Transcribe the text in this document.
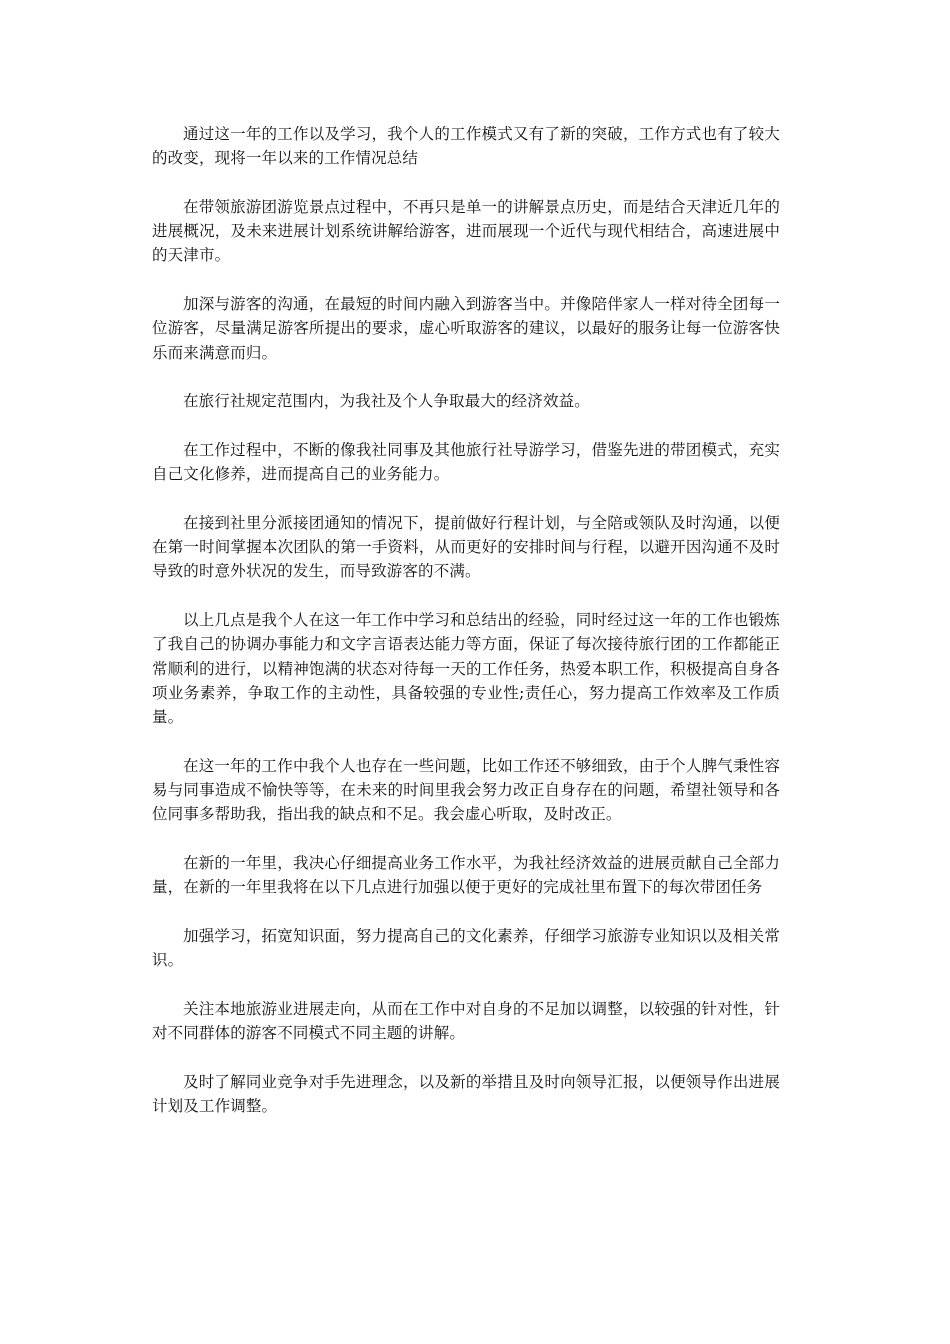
通过这一年的工作以及学习，我个人的工作模式又有了新的突破，工作方式也有了较大的改变，现将一年以来的工作情况总结

在带领旅游团游览景点过程中，不再只是单一的讲解景点历史，而是结合天津近几年的进展概况，及未来进展计划系统讲解给游客，进而展现一个近代与现代相结合，高速进展中的天津市。

加深与游客的沟通，在最短的时间内融入到游客当中。并像陪伴家人一样对待全团每一位游客，尽量满足游客所提出的要求，虚心听取游客的建议，以最好的服务让每一位游客快乐而来满意而归。

在旅行社规定范围内，为我社及个人争取最大的经济效益。

在工作过程中，不断的像我社同事及其他旅行社导游学习，借鉴先进的带团模式，充实自己文化修养，进而提高自己的业务能力。

在接到社里分派接团通知的情况下，提前做好行程计划，与全陪或领队及时沟通，以便在第一时间掌握本次团队的第一手资料，从而更好的安排时间与行程，以避开因沟通不及时导致的时意外状况的发生，而导致游客的不满。

以上几点是我个人在这一年工作中学习和总结出的经验，同时经过这一年的工作也锻炼了我自己的协调办事能力和文字言语表达能力等方面，保证了每次接待旅行团的工作都能正常顺利的进行，以精神饱满的状态对待每一天的工作任务，热爱本职工作，积极提高自身各项业务素养，争取工作的主动性，具备较强的专业性;责任心，努力提高工作效率及工作质量。

在这一年的工作中我个人也存在一些问题，比如工作还不够细致，由于个人脾气秉性容易与同事造成不愉快等等，在未来的时间里我会努力改正自身存在的问题，希望社领导和各位同事多帮助我，指出我的缺点和不足。我会虚心听取，及时改正。

在新的一年里，我决心仔细提高业务工作水平，为我社经济效益的进展贡献自己全部力量，在新的一年里我将在以下几点进行加强以便于更好的完成社里布置下的每次带团任务

加强学习，拓宽知识面，努力提高自己的文化素养，仔细学习旅游专业知识以及相关常识。

关注本地旅游业进展走向，从而在工作中对自身的不足加以调整，以较强的针对性，针对不同群体的游客不同模式不同主题的讲解。

及时了解同业竞争对手先进理念，以及新的举措且及时向领导汇报，以便领导作出进展计划及工作调整。
